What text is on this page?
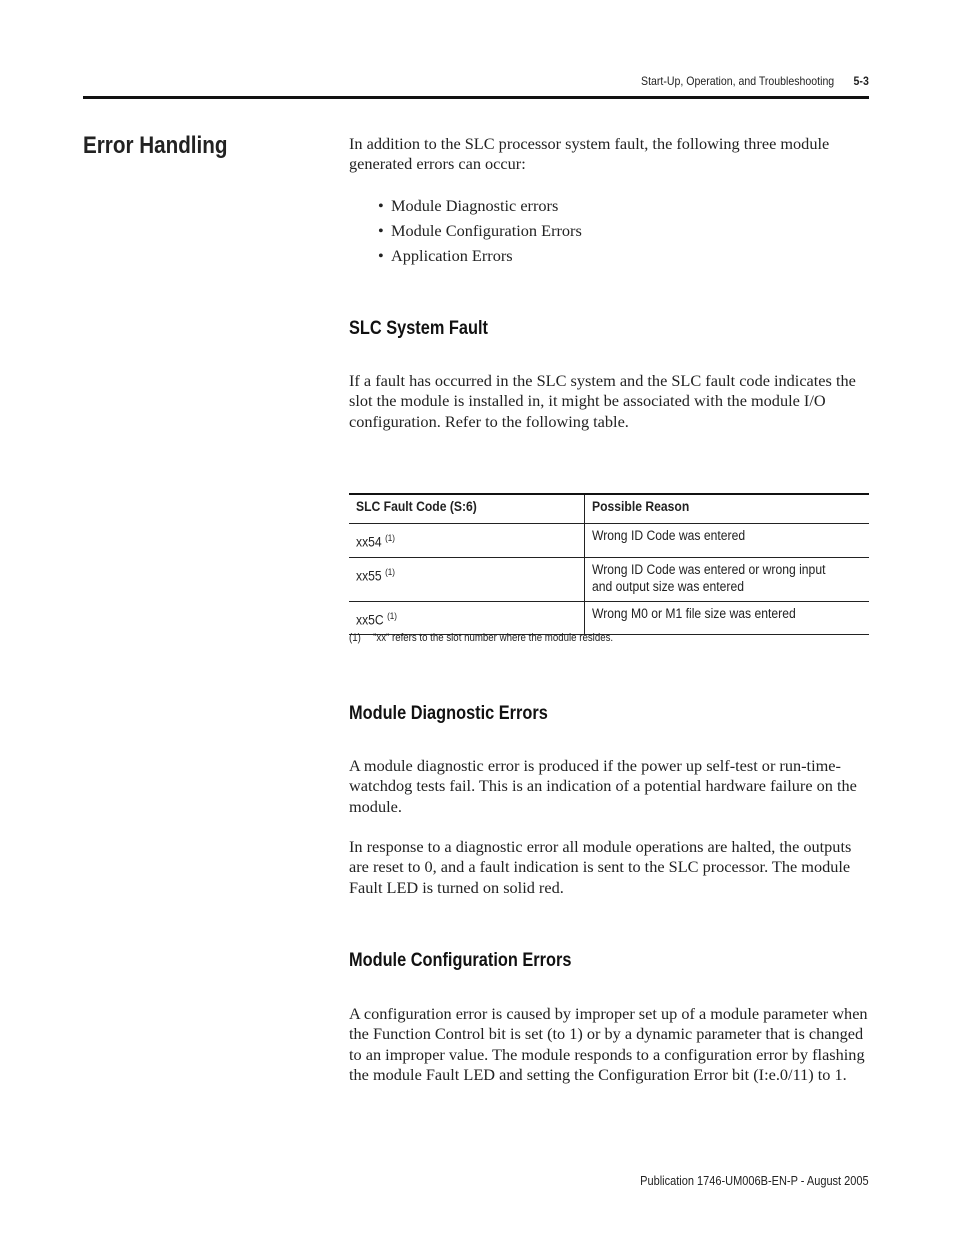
Start-Up, Operation, and Troubleshooting 5-3
Error Handling	In addition to the SLC processor system fault, the following three module generated errors can occur:

• Module Diagnostic errors
• Module Configuration Errors
• Application Errors
SLC System Fault

If a fault has occurred in the SLC system and the SLC fault code indicates the slot the module is installed in, it might be associated with the module I/O configuration. Refer to the following table.

SLC Fault Code (S:6)	Possible Reason
xx54 $^{(1)}$	Wrong ID Code was entered
xx55 $^{(1)}$	Wrong ID Code was entered or wrong input and output size was entered
xx5C $^{(1)}$	Wrong M0 or M1 file size was entered
(1) ”xx” refers to the slot number where the module resides.
Module Diagnostic Errors

A module diagnostic error is produced if the power up self-test or run-time-watchdog tests fail. This is an indication of a potential hardware failure on the module.

In response to a diagnostic error all module operations are halted, the outputs are reset to 0, and a fault indication is sent to the SLC processor. The module Fault LED is turned on solid red.

Module Configuration Errors

A configuration error is caused by improper set up of a module parameter when the Function Control bit is set (to 1) or by a dynamic parameter that is changed to an improper value. The module responds to a configuration error by flashing the module Fault LED and setting the Configuration Error bit (I:e.0/11) to 1.

Publication 1746-UM006B-EN-P - August 2005
